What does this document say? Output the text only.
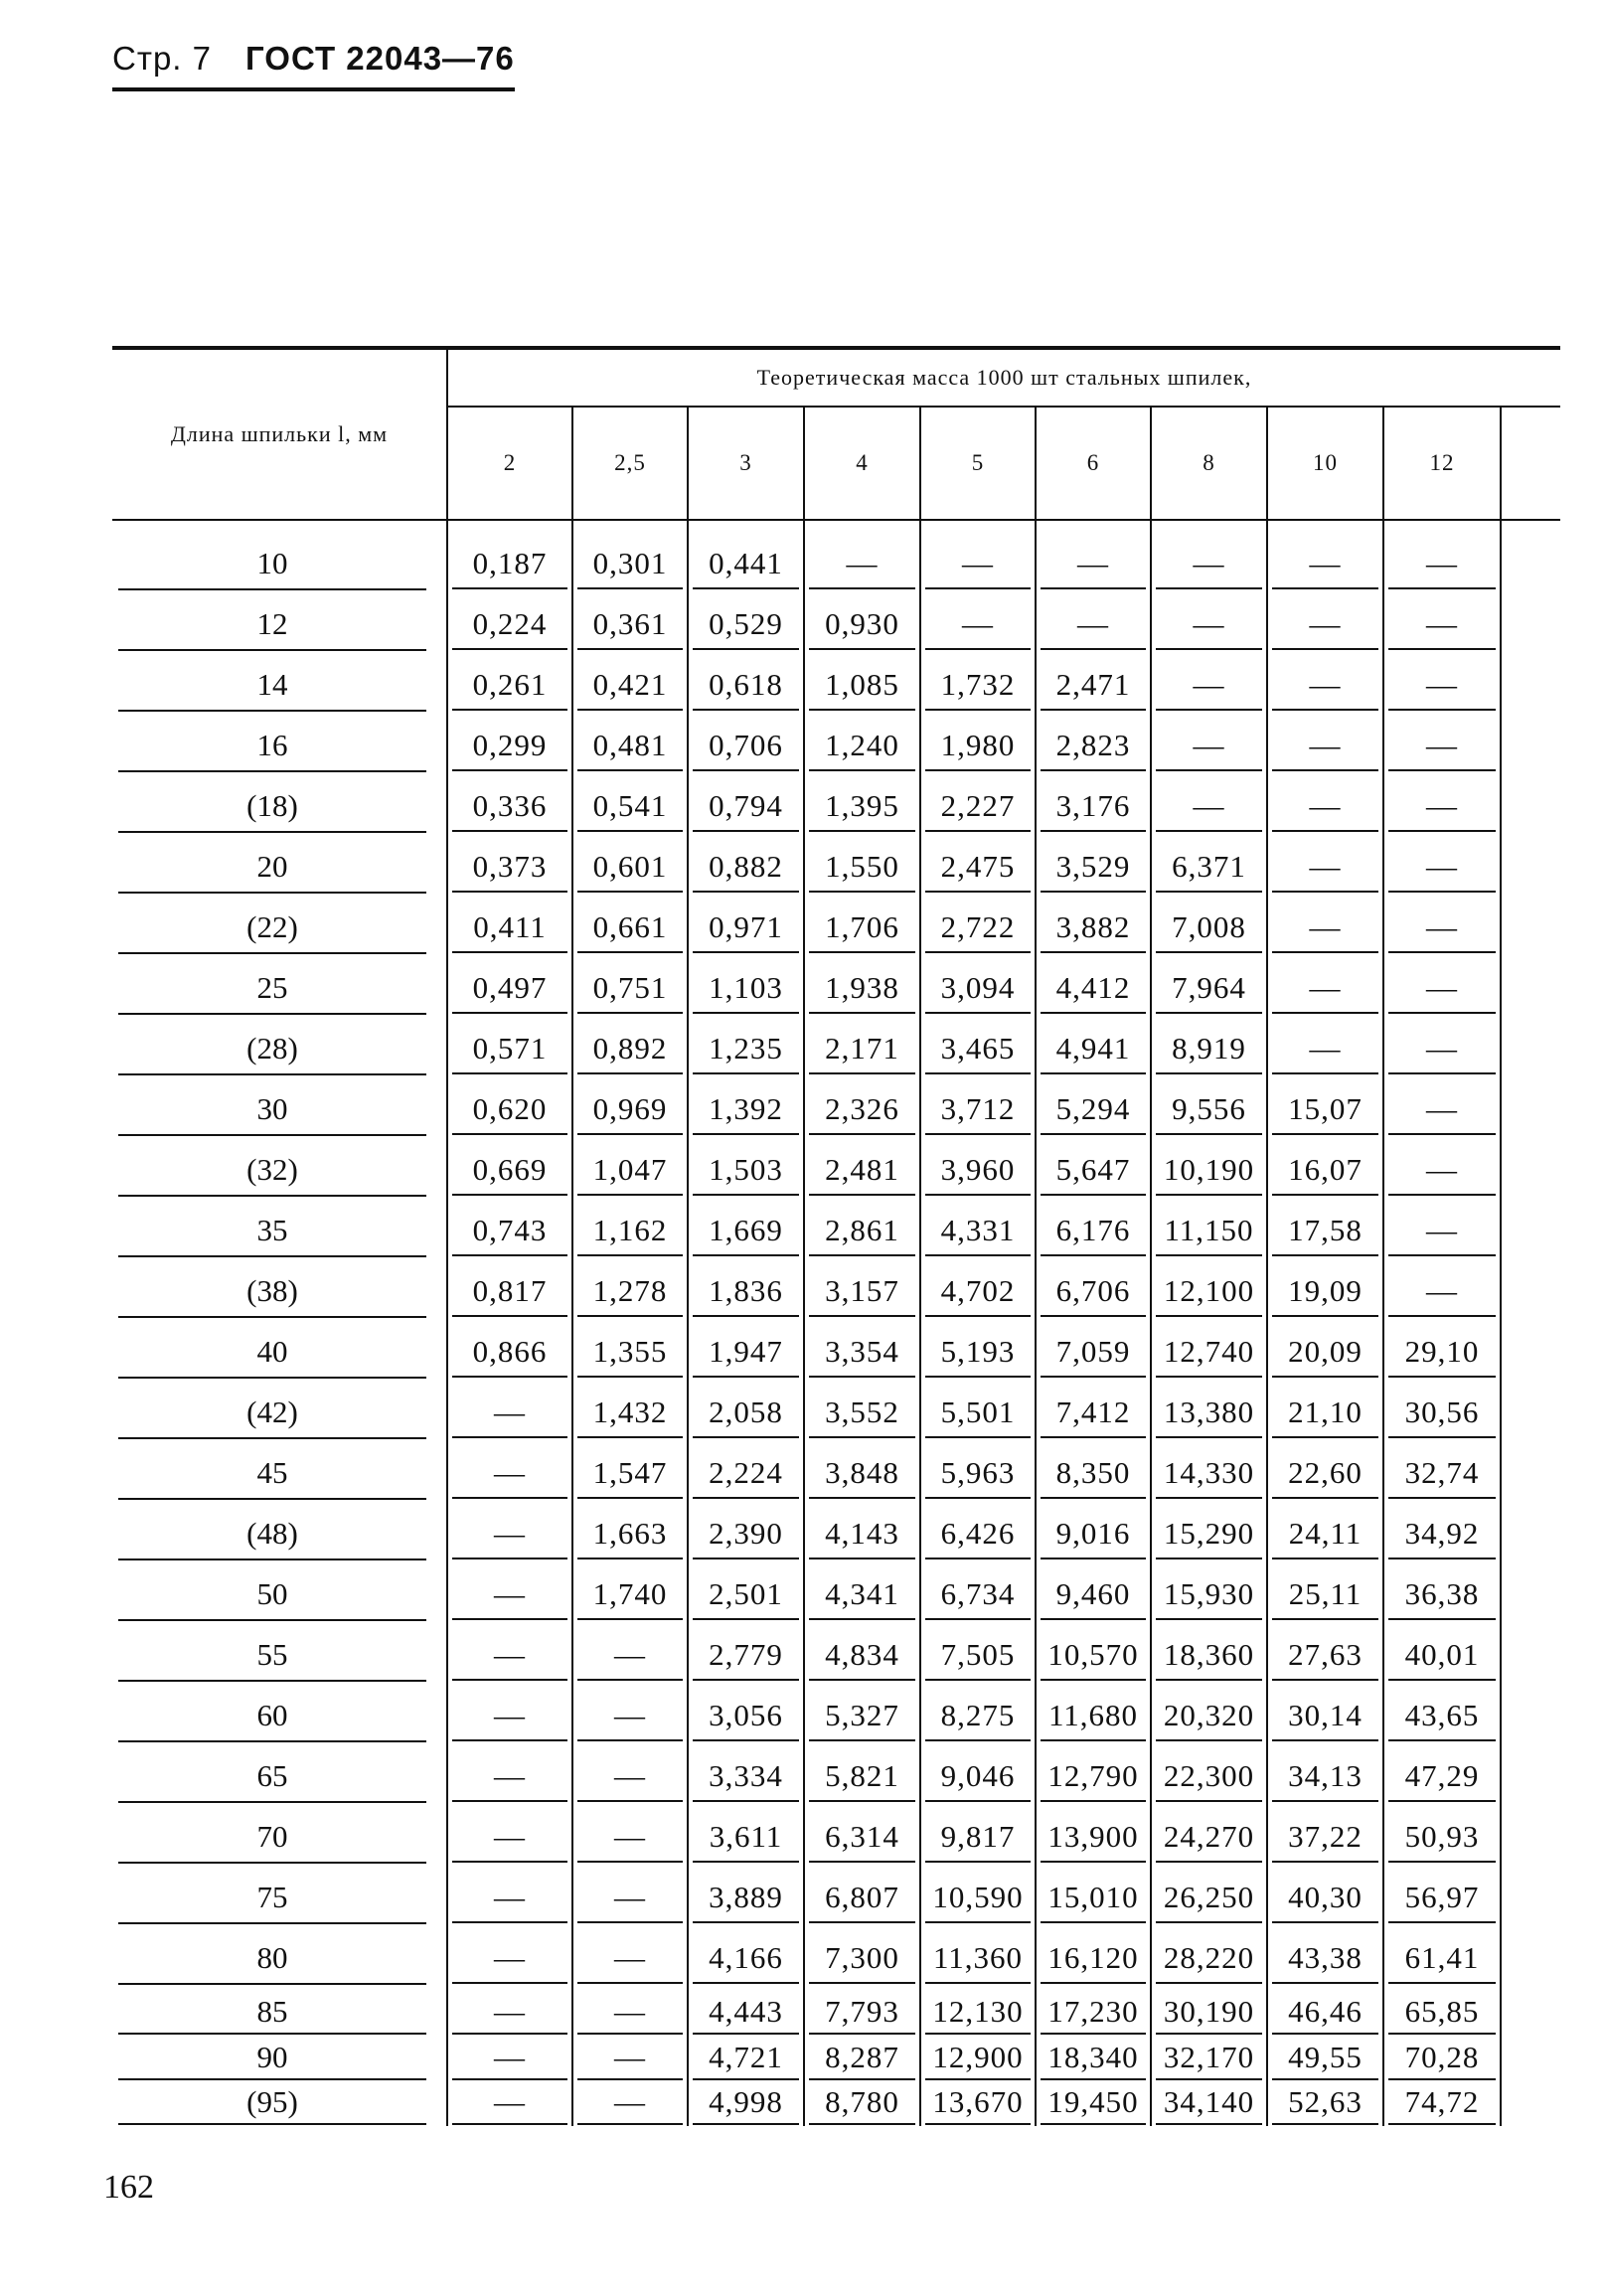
Стр. 7 ГОСТ 22043—76
Длина шпильки l, мм	Теоретическая масса 1000 шт стальных шпилек,									
	2	2,5	3	4	5	6	8	10	12	

10	0,187	0,301	0,441	—	—	—	—	—	—	

12	0,224	0,361	0,529	0,930	—	—	—	—	—	

14	0,261	0,421	0,618	1,085	1,732	2,471	—	—	—	

16	0,299	0,481	0,706	1,240	1,980	2,823	—	—	—	

(18)	0,336	0,541	0,794	1,395	2,227	3,176	—	—	—	

20	0,373	0,601	0,882	1,550	2,475	3,529	6,371	—	—	

(22)	0,411	0,661	0,971	1,706	2,722	3,882	7,008	—	—	

25	0,497	0,751	1,103	1,938	3,094	4,412	7,964	—	—	

(28)	0,571	0,892	1,235	2,171	3,465	4,941	8,919	—	—	

30	0,620	0,969	1,392	2,326	3,712	5,294	9,556	15,07	—	

(32)	0,669	1,047	1,503	2,481	3,960	5,647	10,190	16,07	—	

35	0,743	1,162	1,669	2,861	4,331	6,176	11,150	17,58	—	

(38)	0,817	1,278	1,836	3,157	4,702	6,706	12,100	19,09	—	

40	0,866	1,355	1,947	3,354	5,193	7,059	12,740	20,09	29,10	

(42)	—	1,432	2,058	3,552	5,501	7,412	13,380	21,10	30,56	

45	—	1,547	2,224	3,848	5,963	8,350	14,330	22,60	32,74	

(48)	—	1,663	2,390	4,143	6,426	9,016	15,290	24,11	34,92	

50	—	1,740	2,501	4,341	6,734	9,460	15,930	25,11	36,38	

55	—	—	2,779	4,834	7,505	10,570	18,360	27,63	40,01	

60	—	—	3,056	5,327	8,275	11,680	20,320	30,14	43,65	

65	—	—	3,334	5,821	9,046	12,790	22,300	34,13	47,29	

70	—	—	3,611	6,314	9,817	13,900	24,270	37,22	50,93	

75	—	—	3,889	6,807	10,590	15,010	26,250	40,30	56,97	

80	—	—	4,166	7,300	11,360	16,120	28,220	43,38	61,41	

85	—	—	4,443	7,793	12,130	17,230	30,190	46,46	65,85	

90	—	—	4,721	8,287	12,900	18,340	32,170	49,55	70,28	

(95)	—	—	4,998	8,780	13,670	19,450	34,140	52,63	74,72	

162
